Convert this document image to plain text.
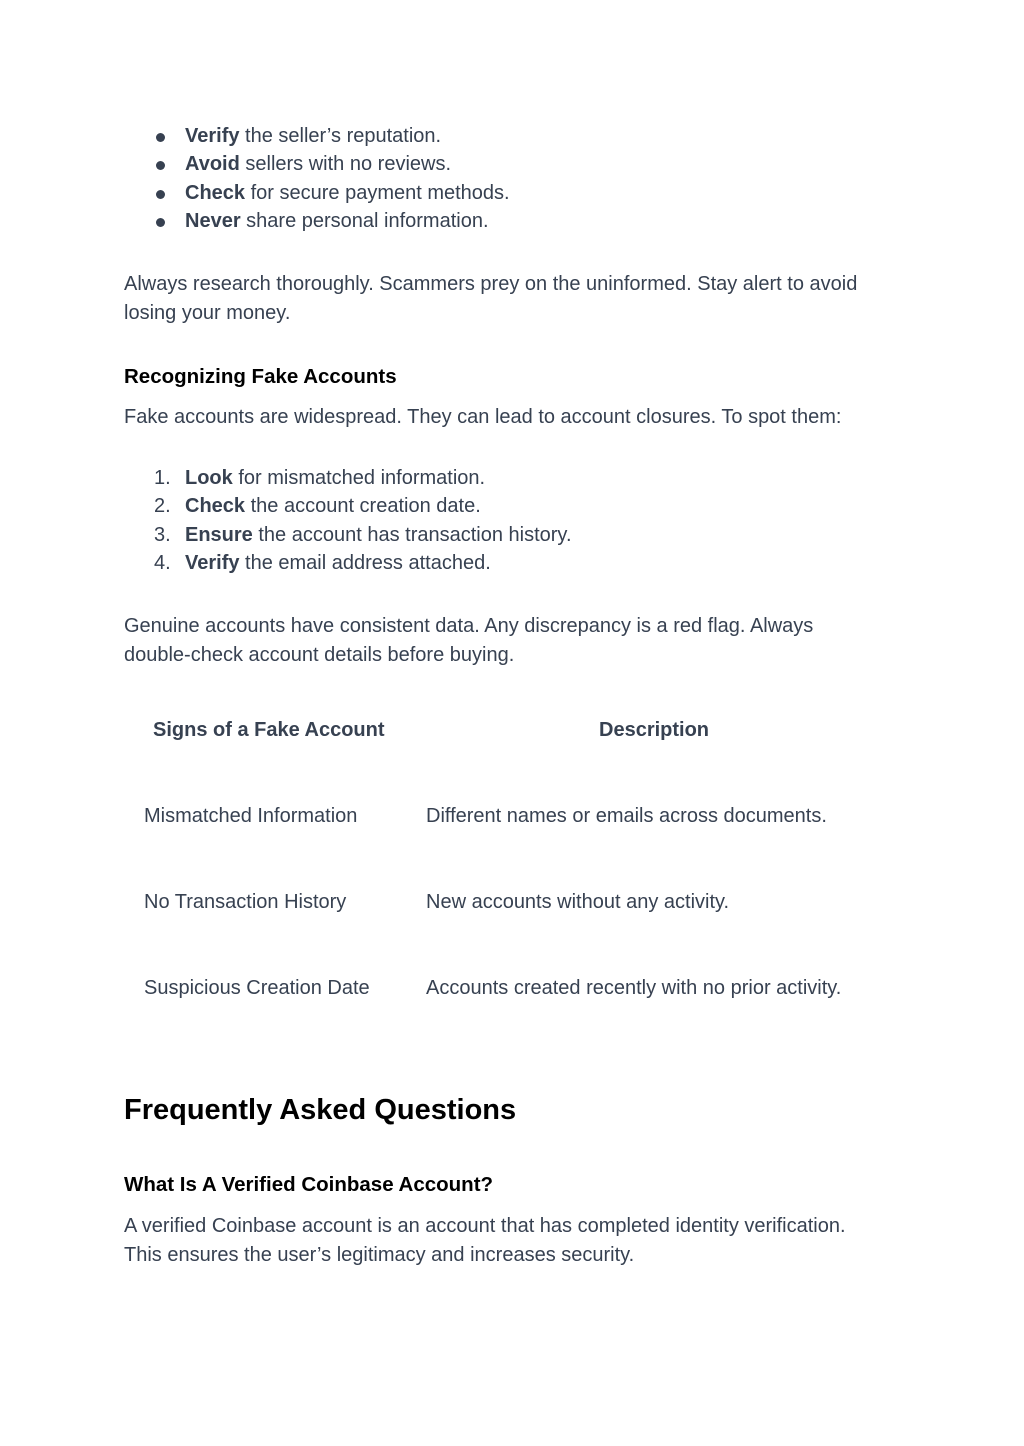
Verify the seller’s reputation.
Avoid sellers with no reviews.
Check for secure payment methods.
Never share personal information.
Always research thoroughly. Scammers prey on the uninformed. Stay alert to avoid
losing your money.
Recognizing Fake Accounts
Fake accounts are widespread. They can lead to account closures. To spot them:
1. Look for mismatched information.
2. Check the account creation date.
3. Ensure the account has transaction history.
4. Verify the email address attached.
Genuine accounts have consistent data. Any discrepancy is a red flag. Always
double-check account details before buying.
Signs of a Fake Account	Description
Mismatched Information	Different names or emails across documents.
No Transaction History	New accounts without any activity.
Suspicious Creation Date	Accounts created recently with no prior activity.
Frequently Asked Questions
What Is A Verified Coinbase Account?
A verified Coinbase account is an account that has completed identity verification.
This ensures the user’s legitimacy and increases security.
